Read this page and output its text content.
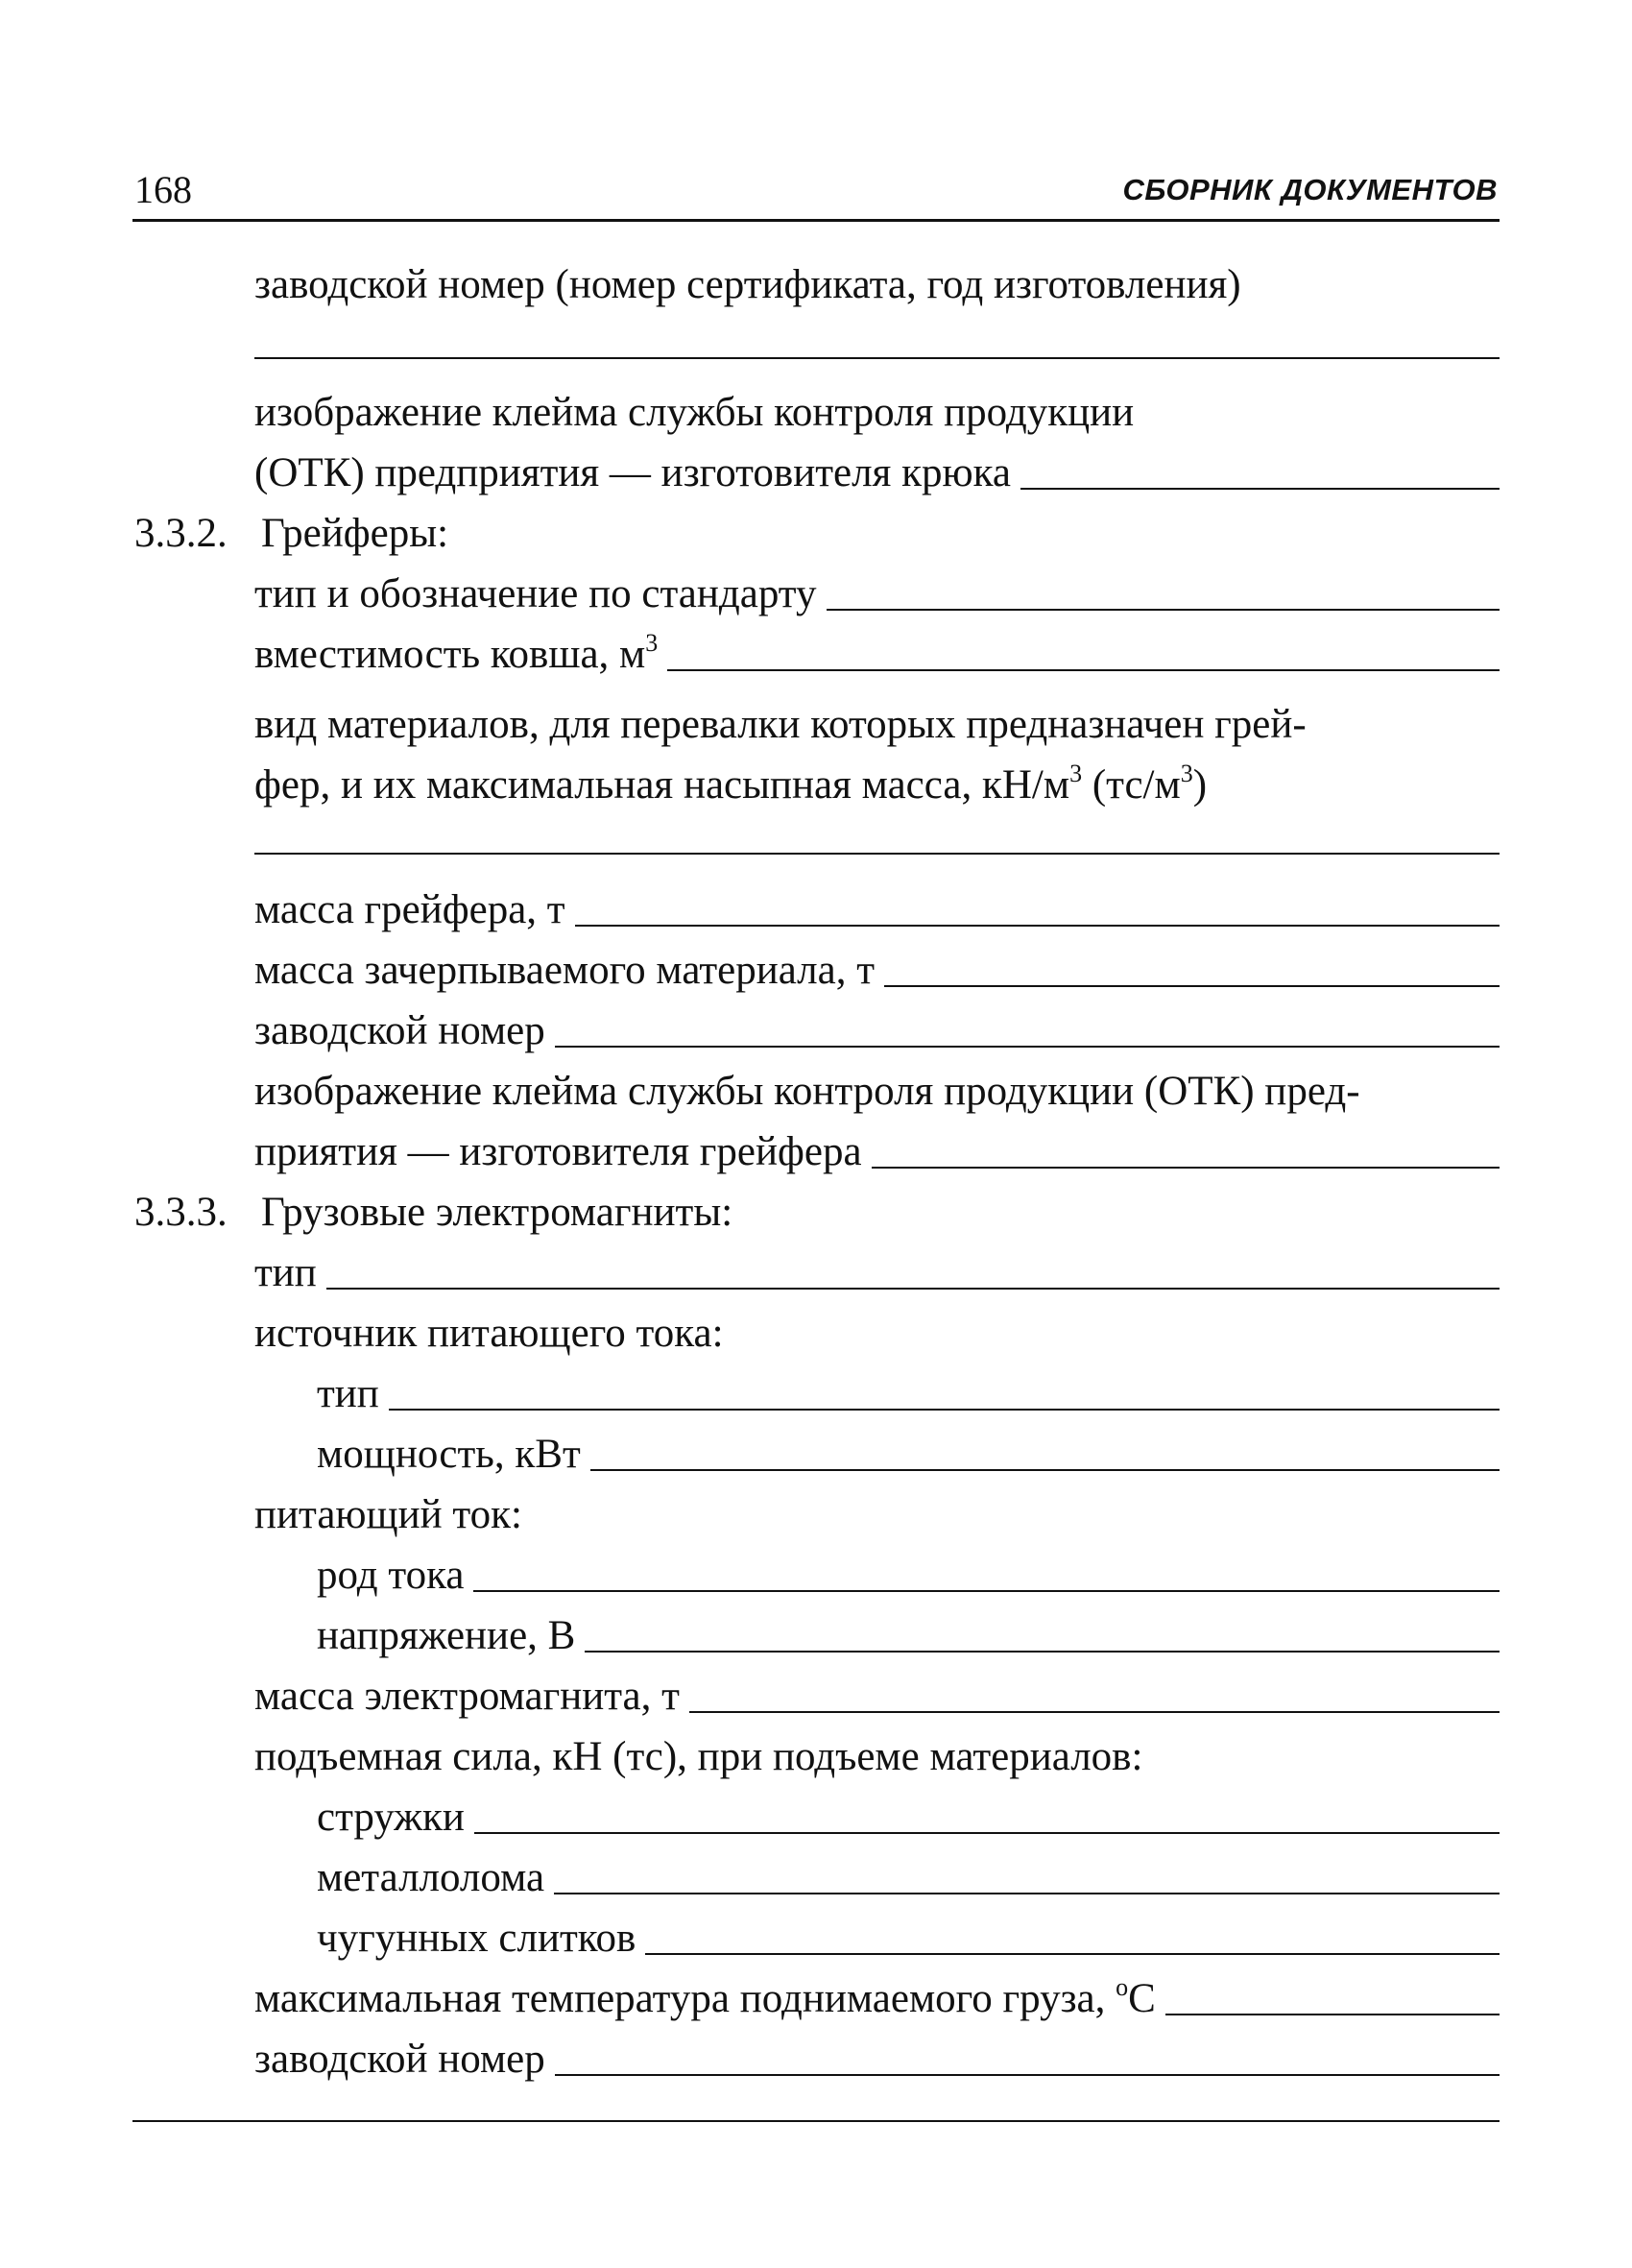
168	СБОРНИК ДОКУМЕНТОВ
заводской номер (номер сертификата, год изготовления)
изображение клейма службы контроля продукции
(ОТК) предприятия — изготовителя крюка
3.3.2. Грейферы:
тип и обозначение по стандарту
вместимость ковша, $м^3$
вид материалов, для перевалки которых предназначен грей-
фер, и их максимальная насыпная масса, $кН/м^3$ $(тс/м^3)$
масса грейфера, т
масса зачерпываемого материала, т
заводской номер
изображение клейма службы контроля продукции (ОТК) пред-
приятия — изготовителя грейфера
3.3.3. Грузовые электромагниты:
тип
источник питающего тока:
тип
мощность, кВт
питающий ток:
род тока
напряжение, В
масса электромагнита, т
подъемная сила, кН (тс), при подъеме материалов:
стружки
металлолома
чугунных слитков
максимальная температура поднимаемого груза, $^о$С
заводской номер
